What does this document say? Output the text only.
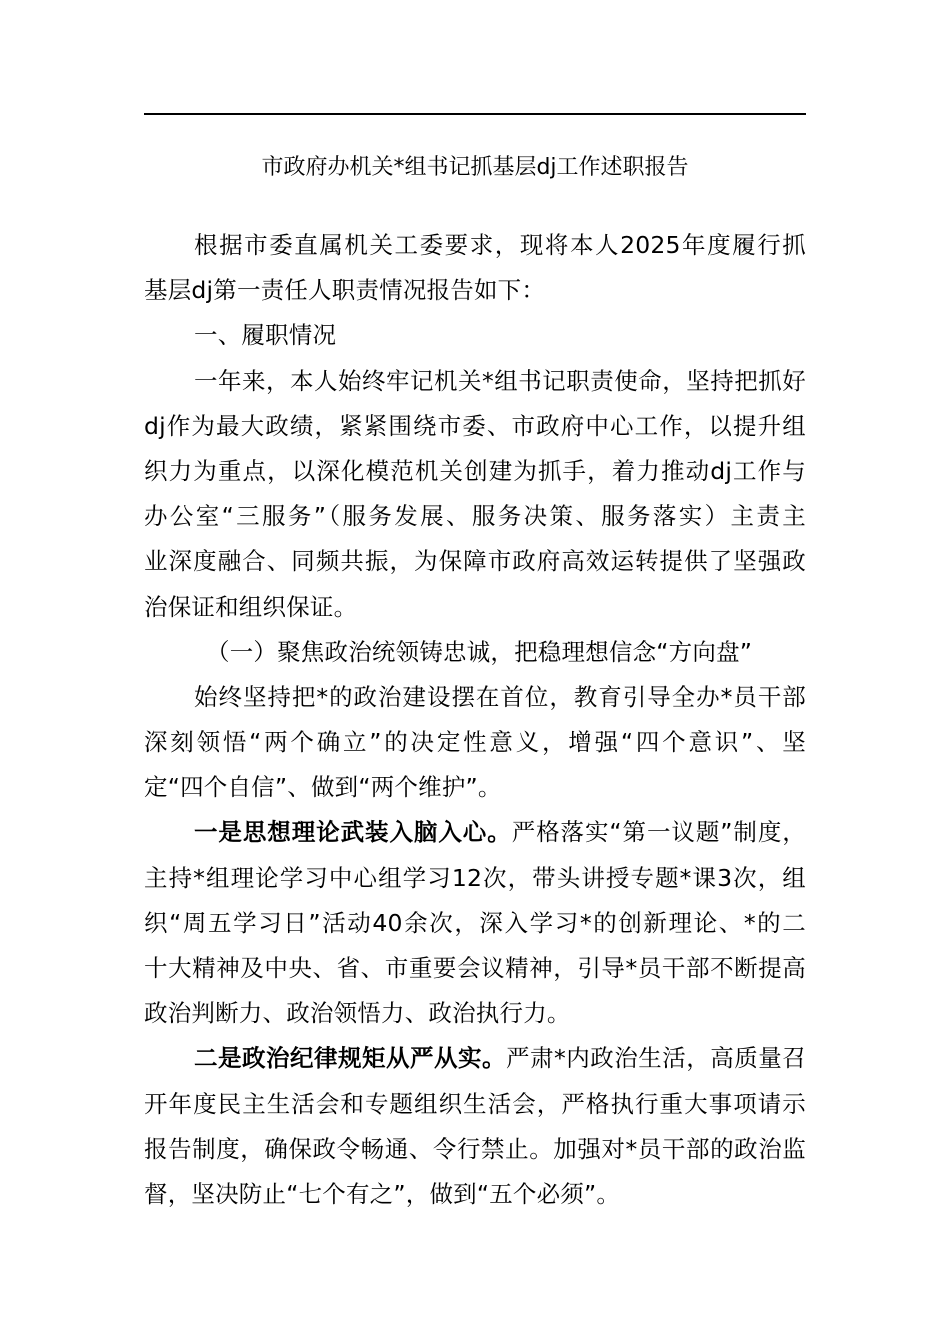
市政府办机关*组书记抓基层dj工作述职报告
根据市委直属机关工委要求，现将本人2025年度履行抓
基层dj第一责任人职责情况报告如下：
一、履职情况
一年来，本人始终牢记机关*组书记职责使命，坚持把抓好
dj作为最大政绩，紧紧围绕市委、市政府中心工作，以提升组
织力为重点，以深化模范机关创建为抓手，着力推动dj工作与
办公室“三服务”（服务发展、服务决策、服务落实）主责主
业深度融合、同频共振，为保障市政府高效运转提供了坚强政
治保证和组织保证。
（一）聚焦政治统领铸忠诚，把稳理想信念“方向盘”
始终坚持把*的政治建设摆在首位，教育引导全办*员干部
深刻领悟“两个确立”的决定性意义，增强“四个意识”、坚
定“四个自信”、做到“两个维护”。
一是思想理论武装入脑入心。严格落实“第一议题”制度，
主持*组理论学习中心组学习12次，带头讲授专题*课3次，组
织“周五学习日”活动40余次，深入学习*的创新理论、*的二
十大精神及中央、省、市重要会议精神，引导*员干部不断提高
政治判断力、政治领悟力、政治执行力。
二是政治纪律规矩从严从实。严肃*内政治生活，高质量召
开年度民主生活会和专题组织生活会，严格执行重大事项请示
报告制度，确保政令畅通、令行禁止。加强对*员干部的政治监
督，坚决防止“七个有之”，做到“五个必须”。
